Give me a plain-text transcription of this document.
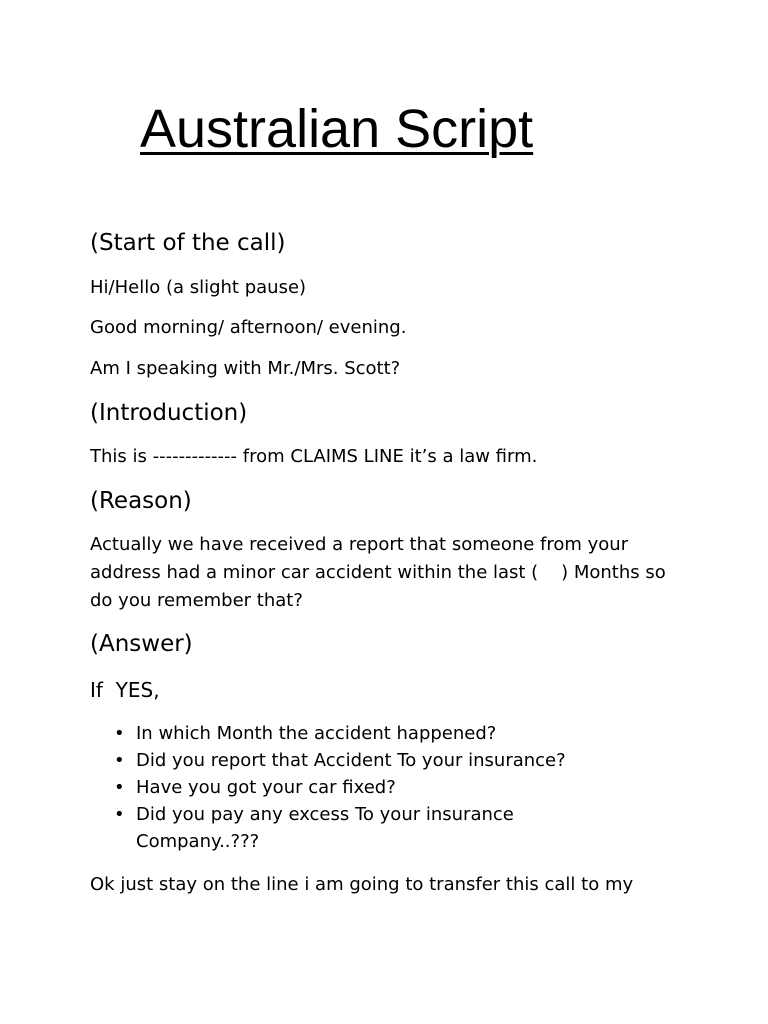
Australian Script

(Start of the call)

Hi/Hello (a slight pause)

Good morning/ afternoon/ evening.

Am I speaking with Mr./Mrs. Scott?

(Introduction)

This is ------------- from CLAIMS LINE it’s a law firm.

(Reason)

Actually we have received a report that someone from your address had a minor car accident within the last (    ) Months so do you remember that?

(Answer)

If  YES,

• In which Month the accident happened?
• Did you report that Accident To your insurance?
• Have you got your car fixed?
• Did you pay any excess To your insurance Company..???

Ok just stay on the line i am going to transfer this call to my
